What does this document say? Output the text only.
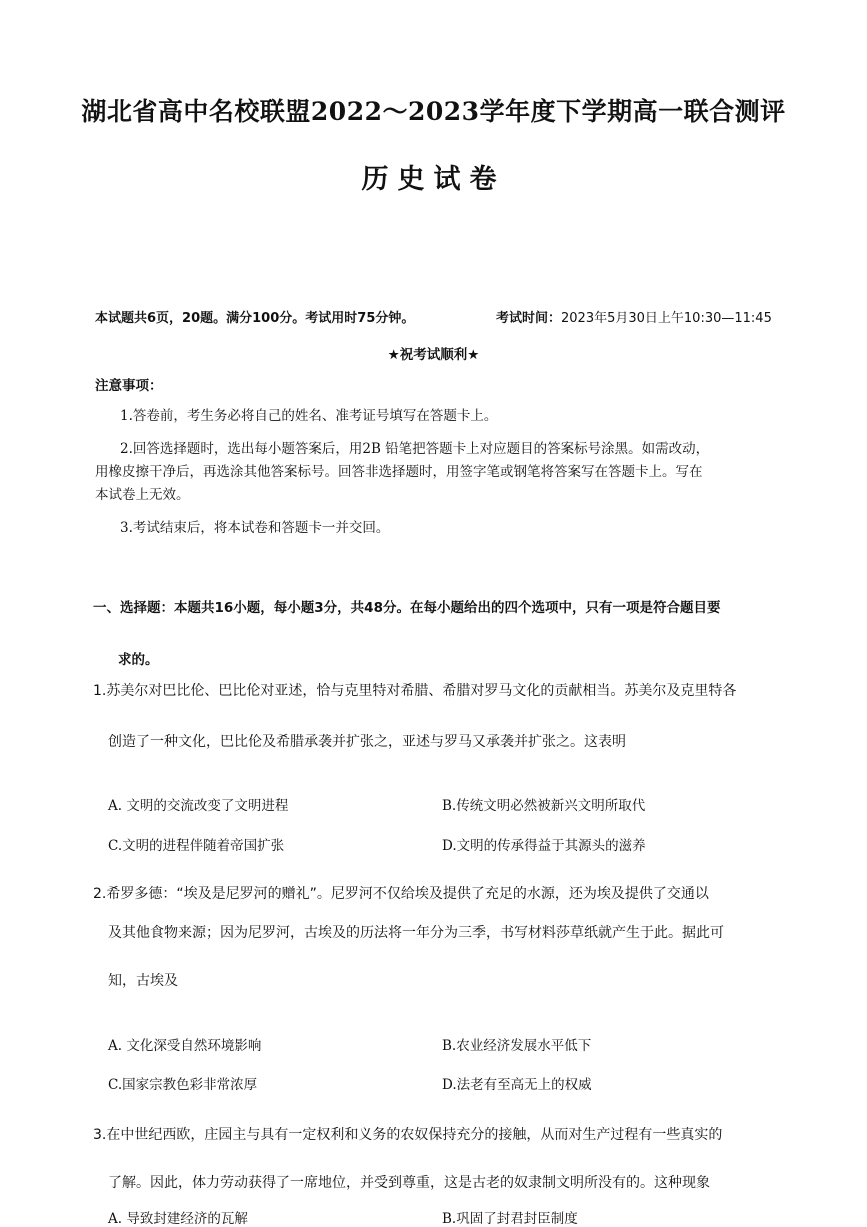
湖北省高中名校联盟2022～2023学年度下学期高一联合测评
历史试卷
本试题共6页，20题。满分100分。考试用时75分钟。	考试时间：2023年5月30日上午10:30—11:45
★祝考试顺利★
注意事项：
1.答卷前，考生务必将自己的姓名、准考证号填写在答题卡上。
2.回答选择题时，选出每小题答案后，用2B 铅笔把答题卡上对应题目的答案标号涂黑。如需改动，
用橡皮擦干净后，再选涂其他答案标号。回答非选择题时，用签字笔或钢笔将答案写在答题卡上。写在
本试卷上无效。
3.考试结束后，将本试卷和答题卡一并交回。
一、选择题：本题共16小题，每小题3分，共48分。在每小题给出的四个选项中，只有一项是符合题目要
求的。
1.苏美尔对巴比伦、巴比伦对亚述，恰与克里特对希腊、希腊对罗马文化的贡献相当。苏美尔及克里特各
创造了一种文化，巴比伦及希腊承袭并扩张之，亚述与罗马又承袭并扩张之。这表明
A. 文明的交流改变了文明进程	B.传统文明必然被新兴文明所取代
C.文明的进程伴随着帝国扩张	D.文明的传承得益于其源头的滋养
2.希罗多德：“埃及是尼罗河的赠礼”。尼罗河不仅给埃及提供了充足的水源，还为埃及提供了交通以
及其他食物来源；因为尼罗河，古埃及的历法将一年分为三季，书写材料莎草纸就产生于此。据此可
知，古埃及
A. 文化深受自然环境影响	B.农业经济发展水平低下
C.国家宗教色彩非常浓厚	D.法老有至高无上的权威
3.在中世纪西欧，庄园主与具有一定权利和义务的农奴保持充分的接触，从而对生产过程有一些真实的
了解。因此，体力劳动获得了一席地位，并受到尊重，这是古老的奴隶制文明所没有的。这种现象
A. 导致封建经济的瓦解	B.巩固了封君封臣制度
